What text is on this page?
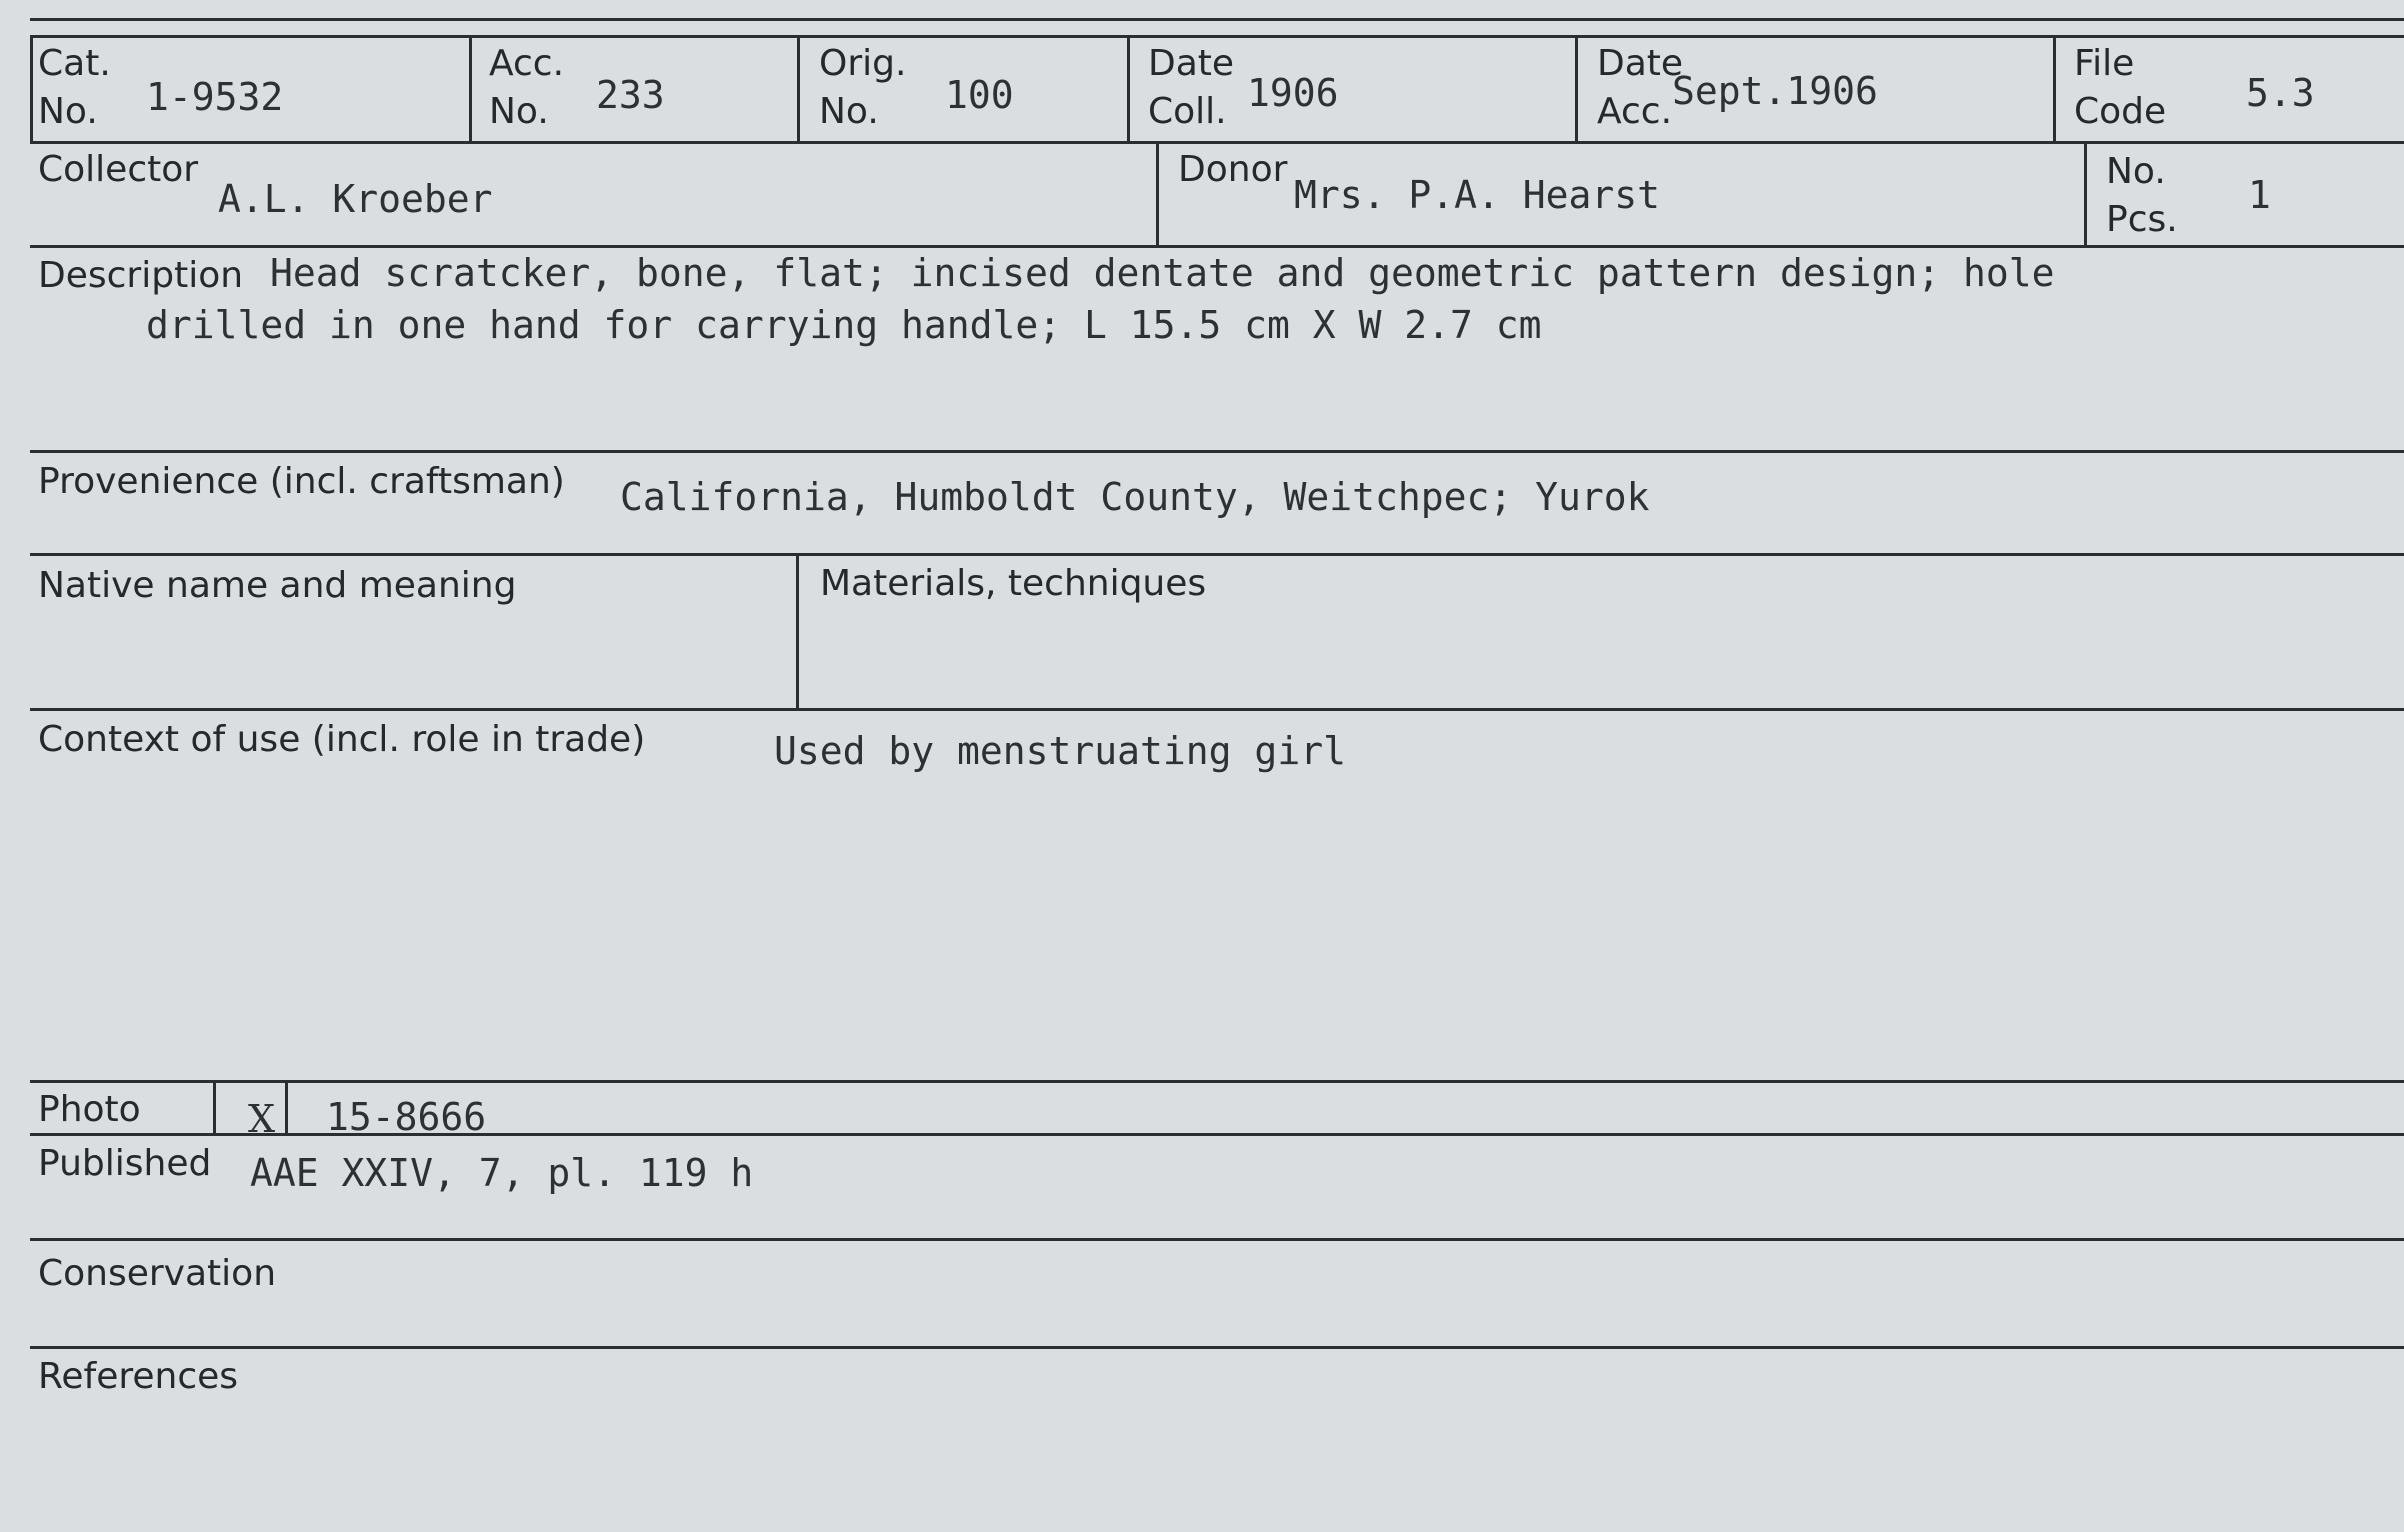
Cat.
No. 1-9532
Acc.
No. 233
Orig.
No. 100
Date
Coll. 1906
Date
Acc. Sept.1906
File
Code 5.3
Collector
A.L. Kroeber
Donor
Mrs. P.A. Hearst
No.
Pcs.
1
Description Head scratcker, bone, flat; incised dentate and geometric pattern design; hole
drilled in one hand for carrying handle; L 15.5 cm X W 2.7 cm
Provenience (incl. craftsman) California, Humboldt County, Weitchpec; Yurok
Native name and meaning	Materials, techniques
Context of use (incl. role in trade)	Used by menstruating girl
Photo	X 15-8666
Published AAE XXIV, 7, pl. 119 h
Conservation
References
